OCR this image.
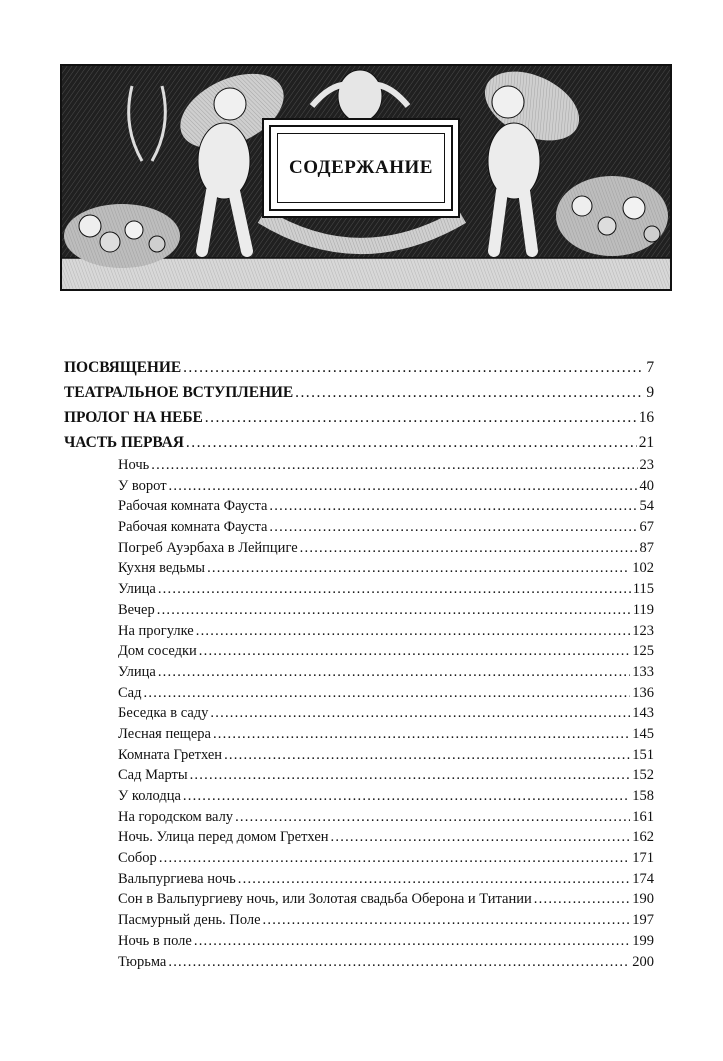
СОДЕРЖАНИЕ
ПОСВЯЩЕНИЕ . . .	7
ТЕАТРАЛЬНОЕ ВСТУПЛЕНИЕ . . .	9
ПРОЛОГ НА НЕБЕ . . .	16
ЧАСТЬ ПЕРВАЯ . . .	21
Ночь . . .	23
У ворот . . .	40
Рабочая комната Фауста . . .	54
Рабочая комната Фауста . . .	67
Погреб Ауэрбаха в Лейпциге . . .	87
Кухня ведьмы . . .	102
Улица . . .	115
Вечер . . .	119
На прогулке . . .	123
Дом соседки . . .	125
Улица . . .	133
Сад . . .	136
Беседка в саду . . .	143
Лесная пещера . . .	145
Комната Гретхен . . .	151
Сад Марты . . .	152
У колодца . . .	158
На городском валу . . .	161
Ночь. Улица перед домом Гретхен . . .	162
Собор . . .	171
Вальпургиева ночь . . .	174
Сон в Вальпургиеву ночь, или Золотая свадьба Оберона и Титании . . .	190
Пасмурный день. Поле . . .	197
Ночь в поле . . .	199
Тюрьма . . .	200
